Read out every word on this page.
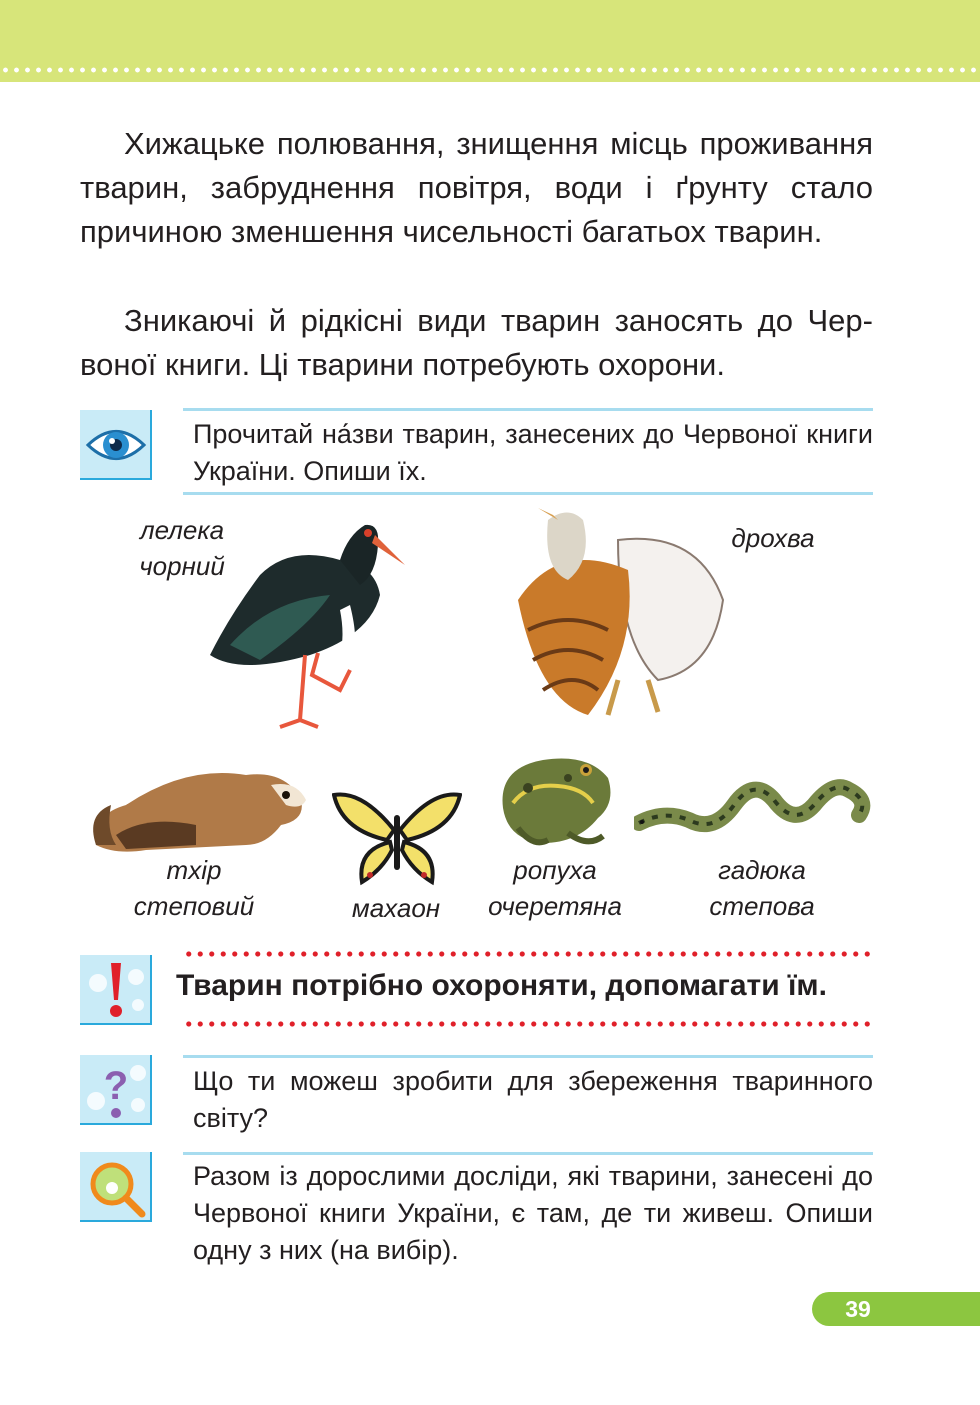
Хижацьке полювання, знищення місць проживання тварин, забруднення повітря, води і ґрунту стало причиною зменшення чисельності багатьох тварин.

Зникаючі й рідкісні види тварин заносять до Червоної книги. Ці тварини потребують охорони.

Прочитай на́зви тварин, занесених до Червоної книги України. Опиши їх.

лелека
чорний
дрохва
тхір
степовий	махаон
ропуха
очеретяна
гадюка
степова

Тварин потрібно охороняти, допомагати їм.

? Що ти можеш зробити для збереження тваринного світу?

Разом із дорослими досліди, які тварини, занесені до Червоної книги України, є там, де ти живеш. Опиши одну з них (на вибір).

39
